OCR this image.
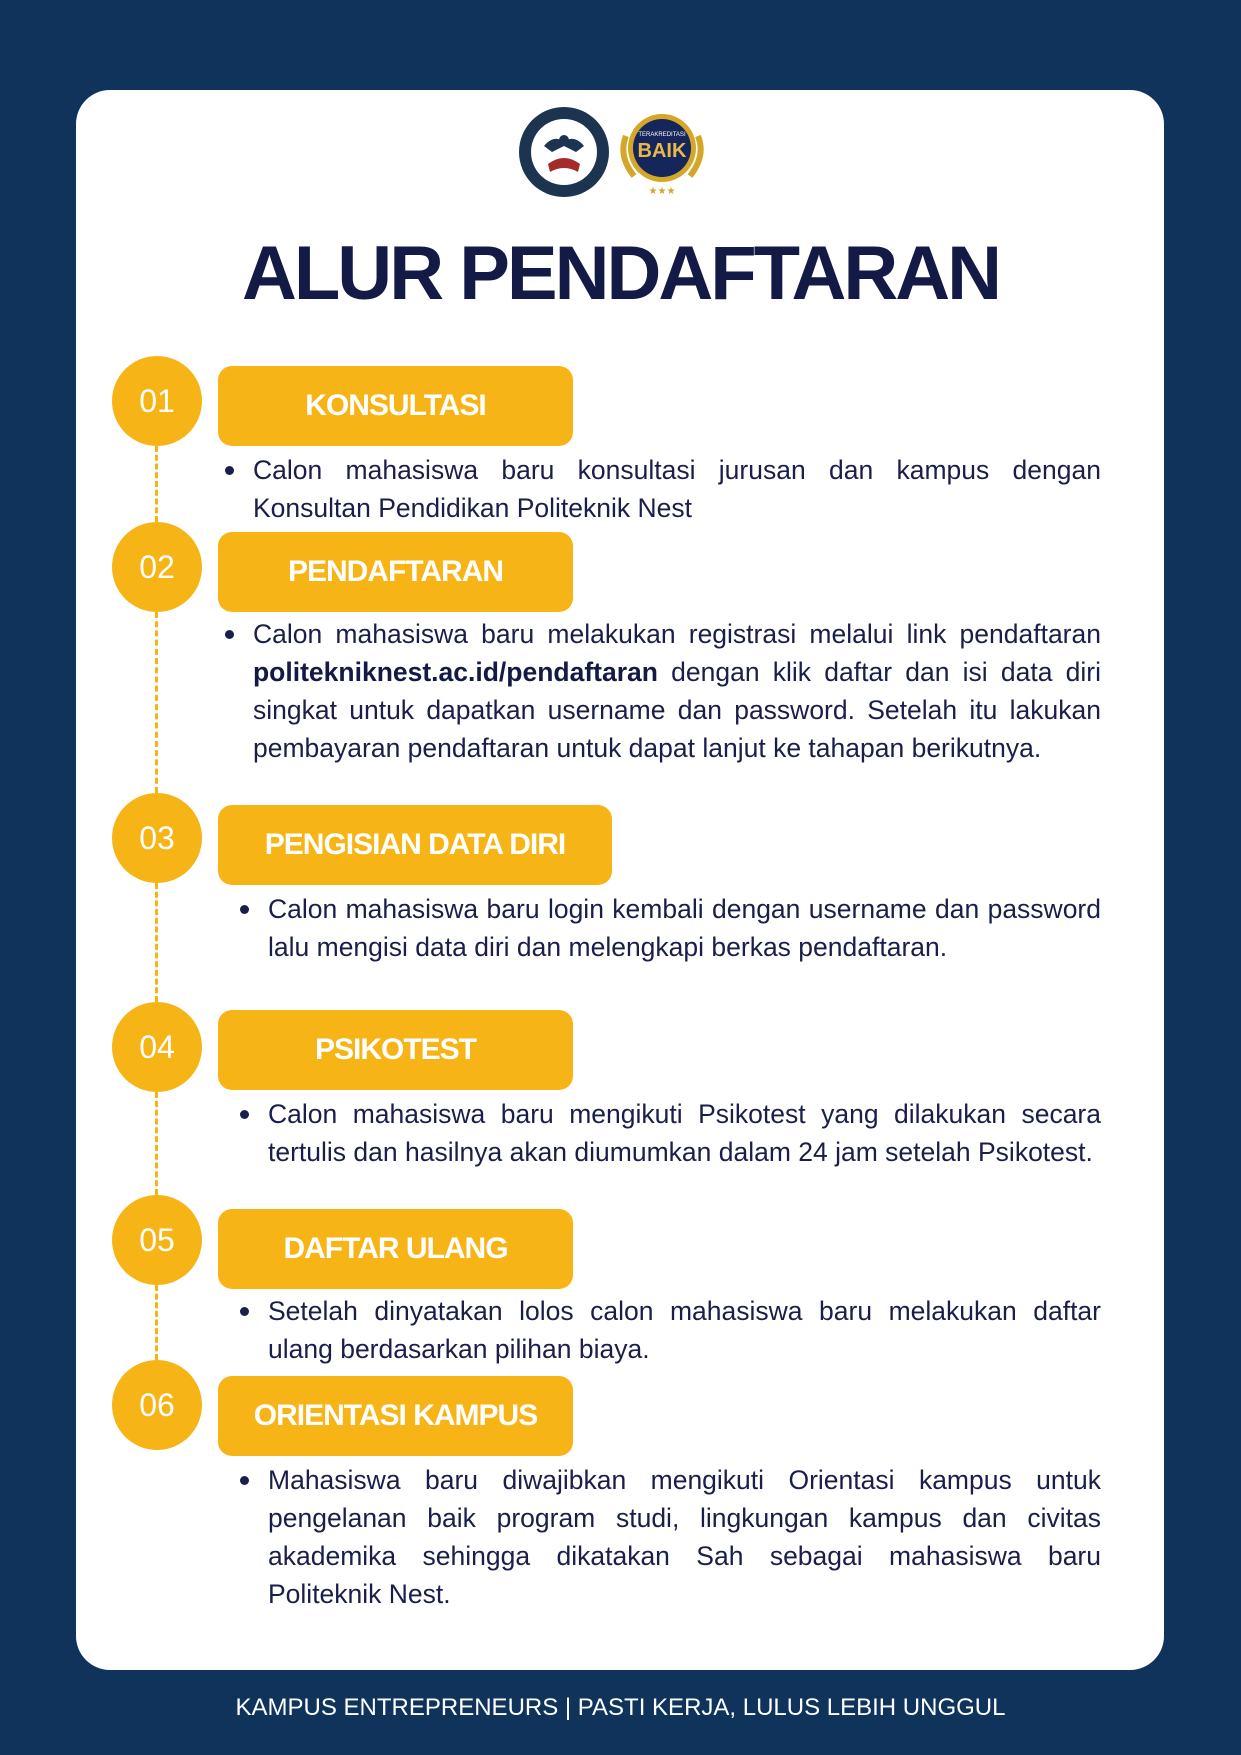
TERAKREDITASI
BAIK
★★★
ALUR PENDAFTARAN
01	KONSULTASI
Calon mahasiswa baru konsultasi jurusan dan kampus dengan Konsultan Pendidikan Politeknik Nest
02	PENDAFTARAN
Calon mahasiswa baru melakukan registrasi melalui link pendaftaran politekniknest.ac.id/pendaftaran dengan klik daftar dan isi data diri singkat untuk dapatkan username dan password. Setelah itu lakukan pembayaran pendaftaran untuk dapat lanjut ke tahapan berikutnya.
03	PENGISIAN DATA DIRI
Calon mahasiswa baru login kembali dengan username dan password lalu mengisi data diri dan melengkapi berkas pendaftaran.
04	PSIKOTEST
Calon mahasiswa baru mengikuti Psikotest yang dilakukan secara tertulis dan hasilnya akan diumumkan dalam 24 jam setelah Psikotest.
05	DAFTAR ULANG
Setelah dinyatakan lolos calon mahasiswa baru melakukan daftar ulang berdasarkan pilihan biaya.
06	ORIENTASI KAMPUS
Mahasiswa baru diwajibkan mengikuti Orientasi kampus untuk pengelanan baik program studi, lingkungan kampus dan civitas akademika sehingga dikatakan Sah sebagai mahasiswa baru Politeknik Nest.
KAMPUS ENTREPRENEURS | PASTI KERJA, LULUS LEBIH UNGGUL
